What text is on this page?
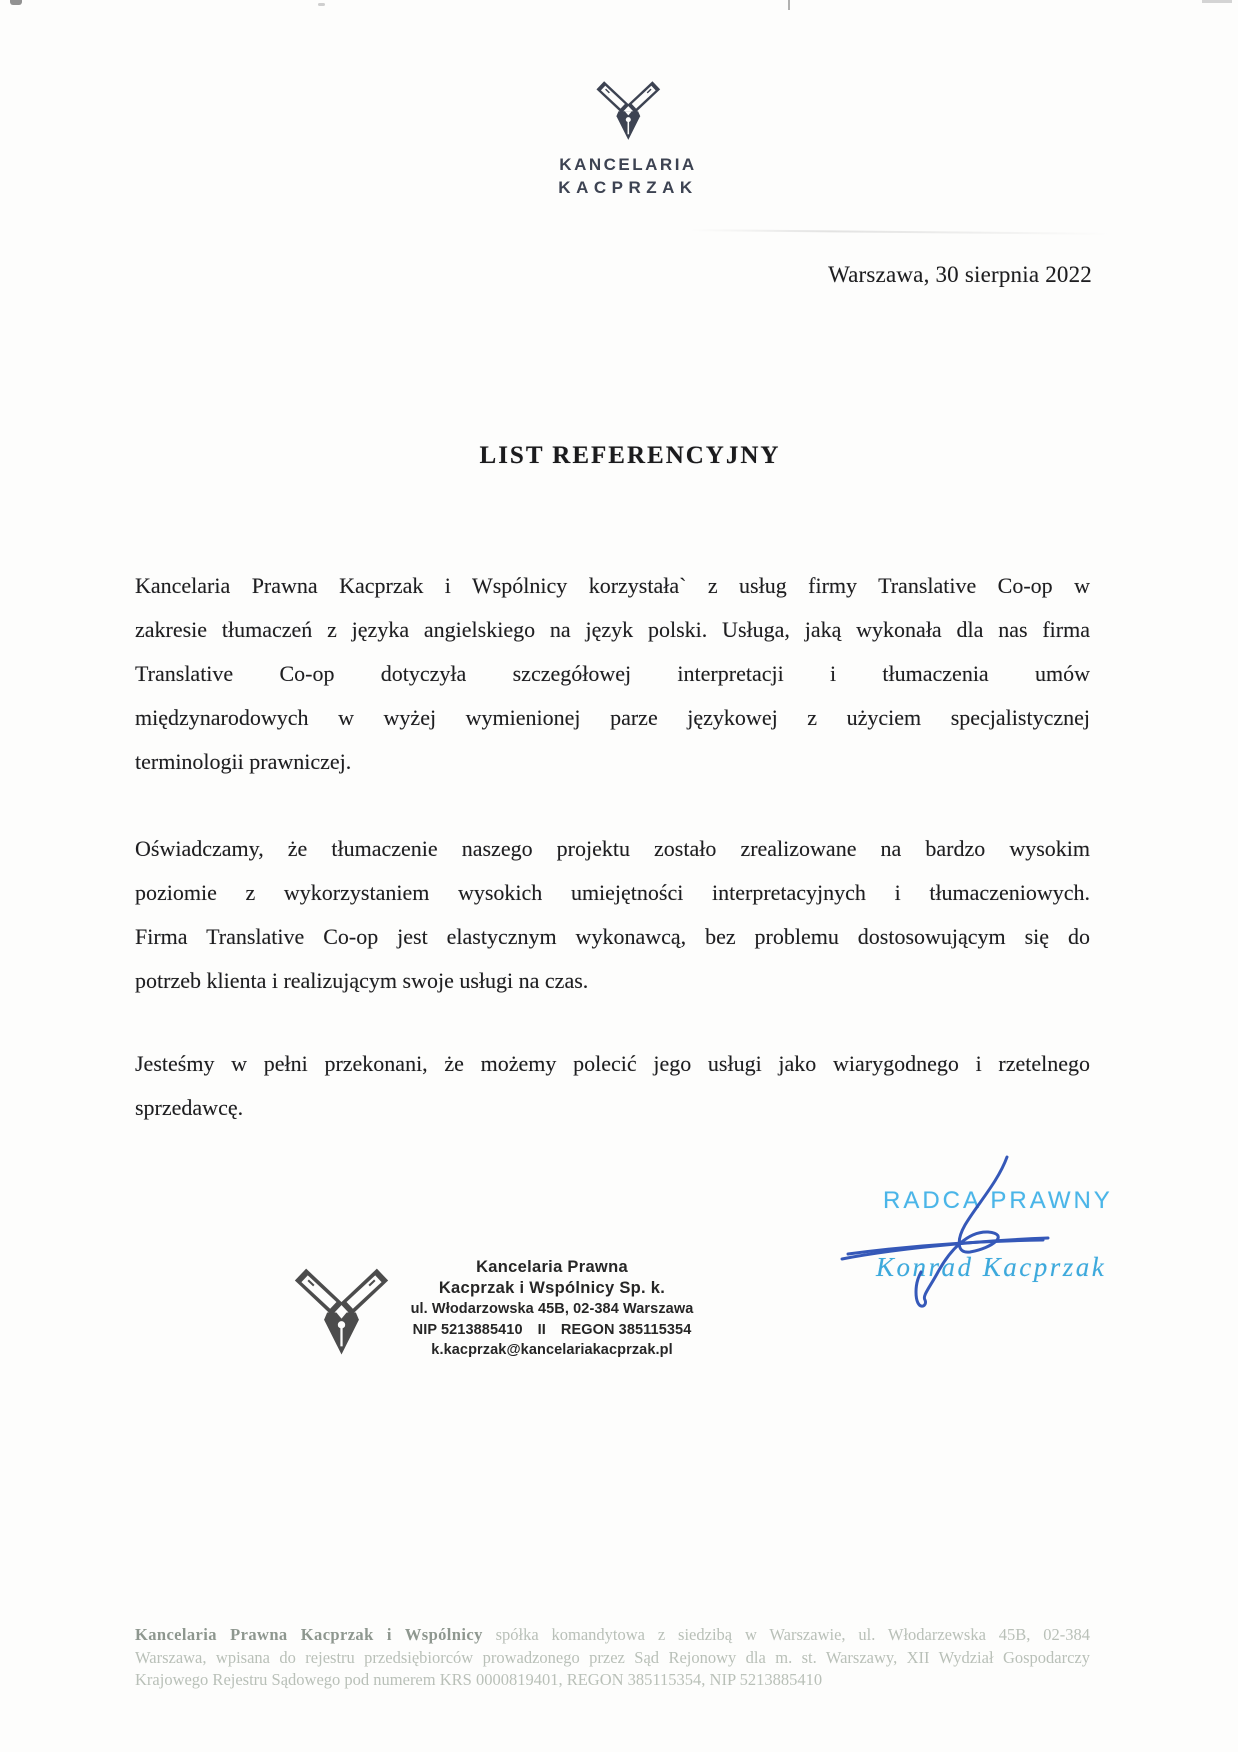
KANCELARIA
KACPRZAK
Warszawa, 30 sierpnia 2022
LIST REFERENCYJNY
Kancelaria Prawna Kacprzak i Wspólnicy korzystała` z usług firmy Translative Co-op w
zakresie tłumaczeń z języka angielskiego na język polski. Usługa, jaką wykonała dla nas firma
Translative Co-op dotyczyła szczegółowej interpretacji i tłumaczenia umów
międzynarodowych w wyżej wymienionej parze językowej z użyciem specjalistycznej
terminologii prawniczej.
Oświadczamy, że tłumaczenie naszego projektu zostało zrealizowane na bardzo wysokim
poziomie z wykorzystaniem wysokich umiejętności interpretacyjnych i tłumaczeniowych.
Firma Translative Co-op jest elastycznym wykonawcą, bez problemu dostosowującym się do
potrzeb klienta i realizującym swoje usługi na czas.
Jesteśmy w pełni przekonani, że możemy polecić jego usługi jako wiarygodnego i rzetelnego
sprzedawcę.
RADCA PRAWNY
Konrad Kacprzak
Kancelaria Prawna
Kacprzak i Wspólnicy Sp. k.
ul. Włodarzowska 45B, 02-384 Warszawa
NIP 5213885410 II REGON 385115354
k.kacprzak@kancelariakacprzak.pl
Kancelaria Prawna Kacprzak i Wspólnicy spółka komandytowa z siedzibą w Warszawie, ul. Włodarzewska 45B, 02-384
Warszawa, wpisana do rejestru przedsiębiorców prowadzonego przez Sąd Rejonowy dla m. st. Warszawy, XII Wydział Gospodarczy
Krajowego Rejestru Sądowego pod numerem KRS 0000819401, REGON 385115354, NIP 5213885410
